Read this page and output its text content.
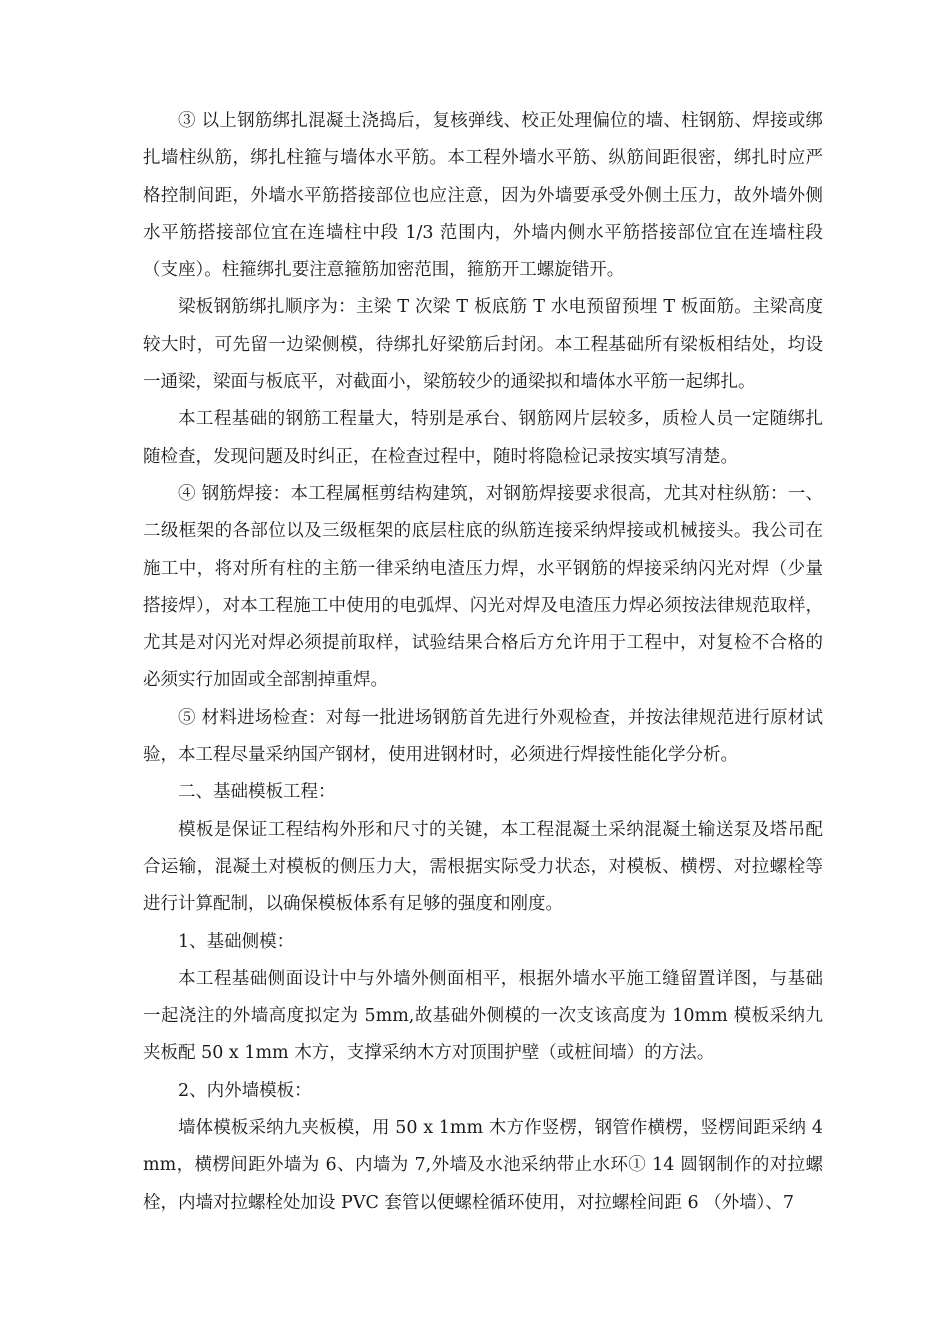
③ 以上钢筋绑扎混凝土浇捣后，复核弹线、校正处理偏位的墙、柱钢筋、焊接或绑扎墙柱纵筋，绑扎柱箍与墙体水平筋。本工程外墙水平筋、纵筋间距很密，绑扎时应严格控制间距，外墙水平筋搭接部位也应注意，因为外墙要承受外侧土压力，故外墙外侧水平筋搭接部位宜在连墙柱中段 1/3 范围内，外墙内侧水平筋搭接部位宜在连墙柱段（支座）。柱箍绑扎要注意箍筋加密范围，箍筋开工螺旋错开。

梁板钢筋绑扎顺序为：主梁 T 次梁 T 板底筋 T 水电预留预埋 T 板面筋。主梁高度较大时，可先留一边梁侧模，待绑扎好梁筋后封闭。本工程基础所有梁板相结处，均设一通梁，梁面与板底平，对截面小，梁筋较少的通梁拟和墙体水平筋一起绑扎。

本工程基础的钢筋工程量大，特别是承台、钢筋网片层较多，质检人员一定随绑扎随检查，发现问题及时纠正，在检查过程中，随时将隐检记录按实填写清楚。

④ 钢筋焊接：本工程属框剪结构建筑，对钢筋焊接要求很高，尤其对柱纵筋：一、二级框架的各部位以及三级框架的底层柱底的纵筋连接采纳焊接或机械接头。我公司在施工中，将对所有柱的主筋一律采纳电渣压力焊，水平钢筋的焊接采纳闪光对焊（少量搭接焊），对本工程施工中使用的电弧焊、闪光对焊及电渣压力焊必须按法律规范取样，尤其是对闪光对焊必须提前取样，试验结果合格后方允许用于工程中，对复检不合格的必须实行加固或全部割掉重焊。

⑤ 材料进场检查：对每一批进场钢筋首先进行外观检查，并按法律规范进行原材试验，本工程尽量采纳国产钢材，使用进钢材时，必须进行焊接性能化学分析。

二、基础模板工程：

模板是保证工程结构外形和尺寸的关键，本工程混凝土采纳混凝土输送泵及塔吊配合运输，混凝土对模板的侧压力大，需根据实际受力状态，对模板、横楞、对拉螺栓等进行计算配制，以确保模板体系有足够的强度和刚度。

1、基础侧模：

本工程基础侧面设计中与外墙外侧面相平，根据外墙水平施工缝留置详图，与基础一起浇注的外墙高度拟定为 5mm,故基础外侧模的一次支该高度为 10mm 模板采纳九夹板配 50 x 1mm 木方，支撑采纳木方对顶围护壁（或桩间墙）的方法。

2、内外墙模板：

墙体模板采纳九夹板模，用 50 x 1mm 木方作竖楞，钢管作横楞，竖楞间距采纳 4mm，横楞间距外墙为 6、内墙为 7,外墙及水池采纳带止水环① 14 圆钢制作的对拉螺栓，内墙对拉螺栓处加设 PVC 套管以便螺栓循环使用，对拉螺栓间距 6 （外墙）、7
